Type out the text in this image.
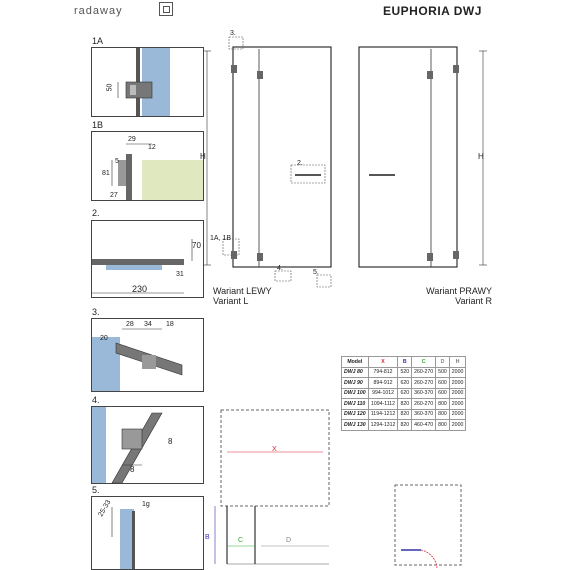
radaway	EUPHORIA DWJ
1A
50
1B
29
12
5
81
27
2.
70
31
230
3.
28 34
20
18
4.
8
8
5.
25-33	1g
H	H
3.
2.
1A, 1B
4.
5.
Wariant LEWY
Variant L
Wariant PRAWY
Variant R
Model	X	B	C	D	H
DWJ 80	794-812	520	260-270	500	2000
DWJ 90	894-912	620	260-270	600	2000
DWJ 100	994-1012	620	360-370	600	2000
DWJ 110	1094-1112	820	260-270	800	2000
DWJ 120	1194-1212	820	360-370	800	2000
DWJ 130	1294-1312	820	460-470	800	2000
X
B	C	D
